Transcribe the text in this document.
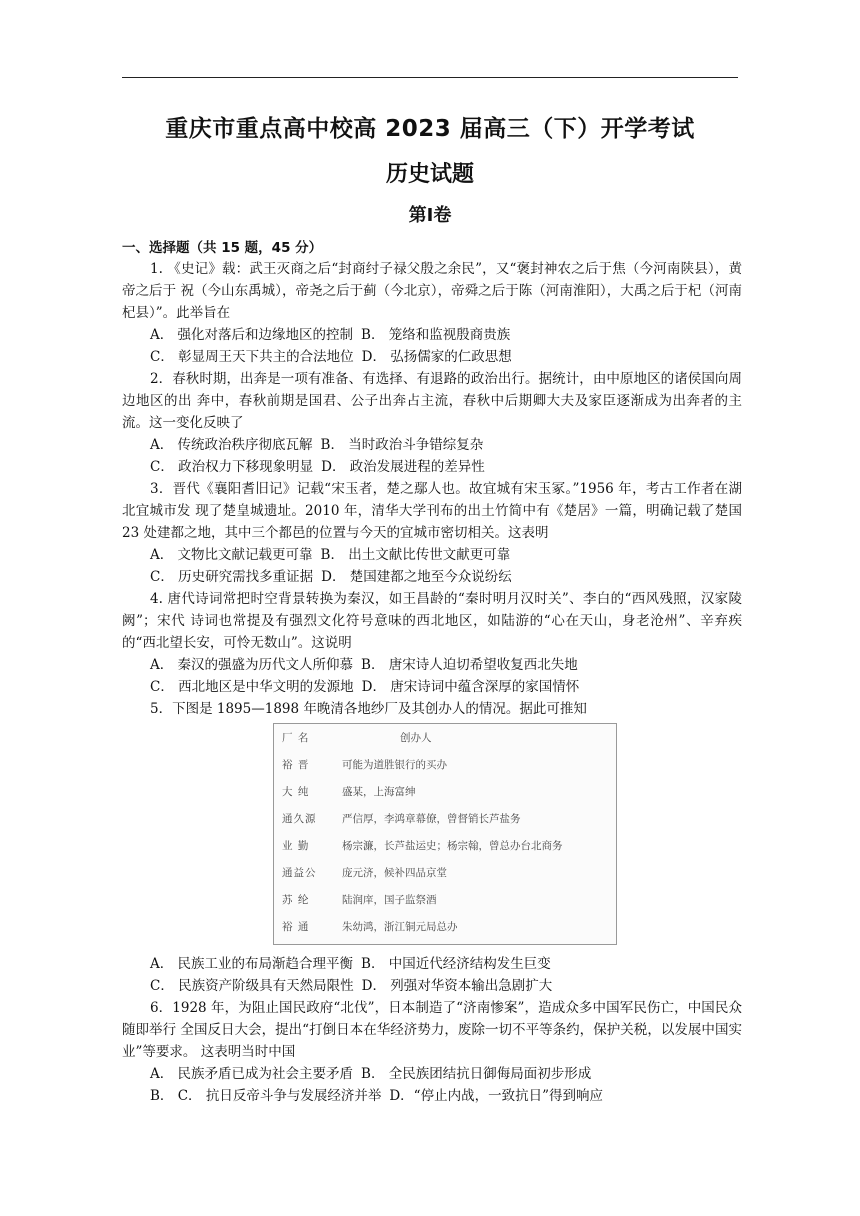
重庆市重点高中校高 2023 届高三（下）开学考试
历史试题
第Ⅰ卷
一、选择题（共 15 题，45 分）

1. 《史记》载：武王灭商之后“封商纣子禄父殷之余民”，又“褒封神农之后于焦（今河南陕县），黄帝之后于 祝（今山东禹城），帝尧之后于蓟（今北京），帝舜之后于陈（河南淮阳），大禹之后于杞（河南杞县）”。此举旨在

A． 强化对落后和边缘地区的控制 B． 笼络和监视殷商贵族

C． 彰显周王天下共主的合法地位 D． 弘扬儒家的仁政思想

2．春秋时期，出奔是一项有准备、有选择、有退路的政治出行。据统计，由中原地区的诸侯国向周边地区的出 奔中，春秋前期是国君、公子出奔占主流，春秋中后期卿大夫及家臣逐渐成为出奔者的主流。这一变化反映了

A． 传统政治秩序彻底瓦解 B． 当时政治斗争错综复杂

C． 政治权力下移现象明显 D． 政治发展进程的差异性

3．晋代《襄阳耆旧记》记载“宋玉者，楚之鄢人也。故宜城有宋玉冢。”1956 年，考古工作者在湖北宜城市发 现了楚皇城遗址。2010 年，清华大学刊布的出土竹简中有《楚居》一篇，明确记载了楚国 23 处建都之地，其中三个都邑的位置与今天的宜城市密切相关。这表明

A． 文物比文献记载更可靠 B． 出土文献比传世文献更可靠

C． 历史研究需找多重证据 D． 楚国建都之地至今众说纷纭

4. 唐代诗词常把时空背景转换为秦汉，如王昌龄的“秦时明月汉时关”、李白的“西风残照，汉家陵阙”；宋代 诗词也常提及有强烈文化符号意味的西北地区，如陆游的“心在天山，身老沧州”、辛弃疾的“西北望长安，可怜无数山”。这说明

A． 秦汉的强盛为历代文人所仰慕 B． 唐宋诗人迫切希望收复西北失地

C． 西北地区是中华文明的发源地 D． 唐宋诗词中蕴含深厚的家国情怀

5．下图是 1895—1898 年晚清各地纱厂及其创办人的情况。据此可推知

厂 名	创办人
裕 晋	可能为道胜银行的买办
大 纯	盛某，上海富绅
通久源	严信厚，李鸿章幕僚，曾督销长芦盐务
业 勤	杨宗濂，长芦盐运史；杨宗翰，曾总办台北商务
通益公	庞元济，候补四品京堂
苏 纶	陆润庠，国子监祭酒
裕 通	朱幼鸿，浙江铜元局总办

A． 民族工业的布局渐趋合理平衡 B． 中国近代经济结构发生巨变

C． 民族资产阶级具有天然局限性 D． 列强对华资本输出急剧扩大

6．1928 年，为阻止国民政府“北伐”，日本制造了“济南惨案”，造成众多中国军民伤亡，中国民众随即举行 全国反日大会，提出“打倒日本在华经济势力，废除一切不平等条约，保护关税，以发展中国实业”等要求。 这表明当时中国

A． 民族矛盾已成为社会主要矛盾 B． 全民族团结抗日御侮局面初步形成

B． C． 抗日反帝斗争与发展经济并举 D．“停止内战，一致抗日”得到响应
